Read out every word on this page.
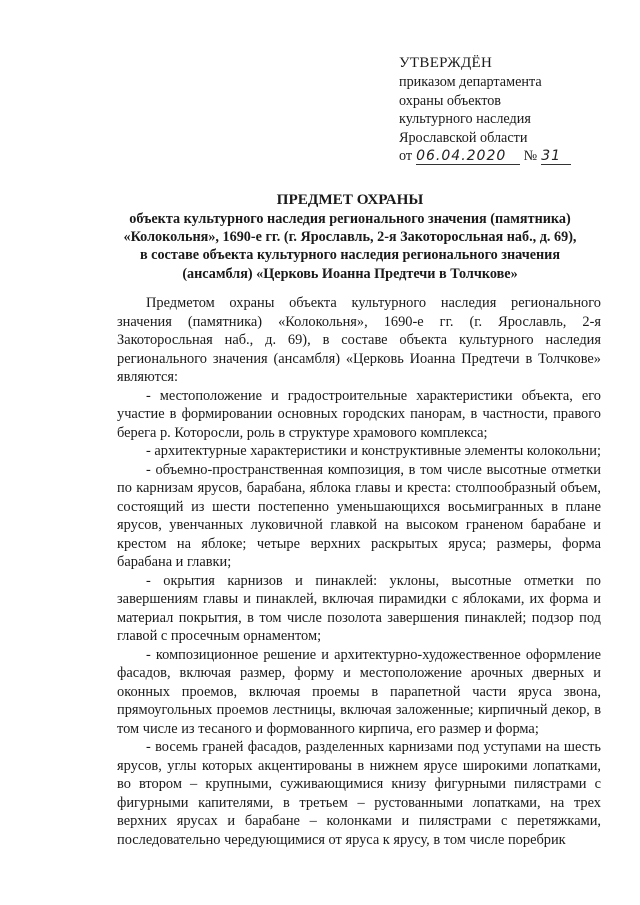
УТВЕРЖДЁН
приказом департамента
охраны объектов
культурного наследия
Ярославской области
от 06.04.2020 № 31
ПРЕДМЕТ ОХРАНЫ
объекта культурного наследия регионального значения (памятника)
«Колокольня», 1690-е гг. (г. Ярославль, 2-я Закоторосльная наб., д. 69),
в составе объекта культурного наследия регионального значения
(ансамбля) «Церковь Иоанна Предтечи в Толчкове»

Предметом охраны объекта культурного наследия регионального значения (памятника) «Колокольня», 1690-е гг. (г. Ярославль, 2-я Закоторосльная наб., д. 69), в составе объекта культурного наследия регионального значения (ансамбля) «Церковь Иоанна Предтечи в Толчкове» являются:

- местоположение и градостроительные характеристики объекта, его участие в формировании основных городских панорам, в частности, правого берега р. Которосли, роль в структуре храмового комплекса;

- архитектурные характеристики и конструктивные элементы колокольни;

- объемно-пространственная композиция, в том числе высотные отметки по карнизам ярусов, барабана, яблока главы и креста: столпообразный объем, состоящий из шести постепенно уменьшающихся восьмигранных в плане ярусов, увенчанных луковичной главкой на высоком граненом барабане и крестом на яблоке; четыре верхних раскрытых яруса; размеры, форма барабана и главки;

- окрытия карнизов и пинаклей: уклоны, высотные отметки по завершениям главы и пинаклей, включая пирамидки с яблоками, их форма и материал покрытия, в том числе позолота завершения пинаклей; подзор под главой с просечным орнаментом;

- композиционное решение и архитектурно-художественное оформление фасадов, включая размер, форму и местоположение арочных дверных и оконных проемов, включая проемы в парапетной части яруса звона, прямоугольных проемов лестницы, включая заложенные; кирпичный декор, в том числе из тесаного и формованного кирпича, его размер и форма;

- восемь граней фасадов, разделенных карнизами под уступами на шесть ярусов, углы которых акцентированы в нижнем ярусе широкими лопатками, во втором – крупными, суживающимися книзу фигурными пилястрами с фигурными капителями, в третьем – рустованными лопатками, на трех верхних ярусах и барабане – колонками и пилястрами с перетяжками, последовательно чередующимися от яруса к ярусу, в том числе поребрик
